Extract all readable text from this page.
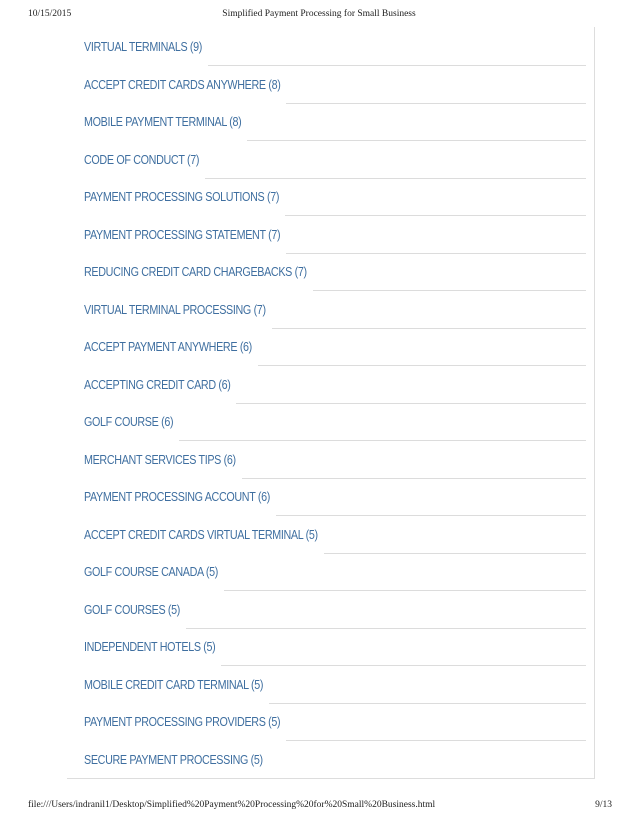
10/15/2015	Simplified Payment Processing for Small Business
VIRTUAL TERMINALS (9)
ACCEPT CREDIT CARDS ANYWHERE (8)
MOBILE PAYMENT TERMINAL (8)
CODE OF CONDUCT (7)
PAYMENT PROCESSING SOLUTIONS (7)
PAYMENT PROCESSING STATEMENT (7)
REDUCING CREDIT CARD CHARGEBACKS (7)
VIRTUAL TERMINAL PROCESSING (7)
ACCEPT PAYMENT ANYWHERE (6)
ACCEPTING CREDIT CARD (6)
GOLF COURSE (6)
MERCHANT SERVICES TIPS (6)
PAYMENT PROCESSING ACCOUNT (6)
ACCEPT CREDIT CARDS VIRTUAL TERMINAL (5)
GOLF COURSE CANADA (5)
GOLF COURSES (5)
INDEPENDENT HOTELS (5)
MOBILE CREDIT CARD TERMINAL (5)
PAYMENT PROCESSING PROVIDERS (5)
SECURE PAYMENT PROCESSING (5)
file:///Users/indranil1/Desktop/Simplified%20Payment%20Processing%20for%20Small%20Business.html	9/13
